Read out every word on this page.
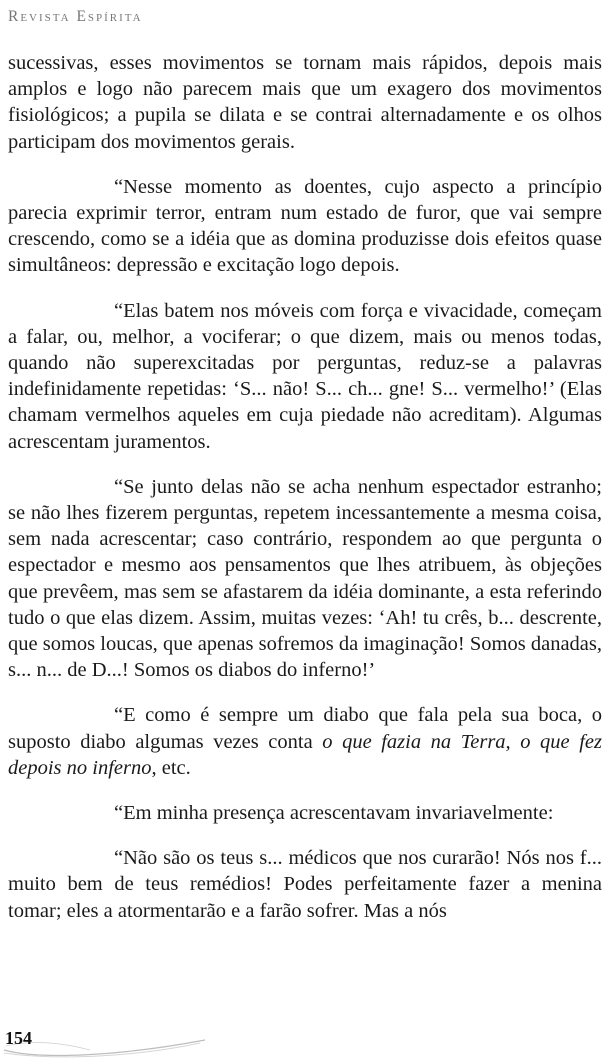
Revista Espírita

sucessivas, esses movimentos se tornam mais rápidos, depois mais amplos e logo não parecem mais que um exagero dos movimentos fisiológicos; a pupila se dilata e se contrai alternadamente e os olhos participam dos movimentos gerais.

“Nesse momento as doentes, cujo aspecto a princípio parecia exprimir terror, entram num estado de furor, que vai sempre crescendo, como se a idéia que as domina produzisse dois efeitos quase simultâneos: depressão e excitação logo depois.

“Elas batem nos móveis com força e vivacidade, começam a falar, ou, melhor, a vociferar; o que dizem, mais ou menos todas, quando não superexcitadas por perguntas, reduz-se a palavras indefinidamente repetidas: ‘S... não! S... ch... gne! S... vermelho!’ (Elas chamam vermelhos aqueles em cuja piedade não acreditam). Algumas acrescentam juramentos.

“Se junto delas não se acha nenhum espectador estranho; se não lhes fizerem perguntas, repetem incessantemente a mesma coisa, sem nada acrescentar; caso contrário, respondem ao que pergunta o espectador e mesmo aos pensamentos que lhes atribuem, às objeções que prevêem, mas sem se afastarem da idéia dominante, a esta referindo tudo o que elas dizem. Assim, muitas vezes: ‘Ah! tu crês, b... descrente, que somos loucas, que apenas sofremos da imaginação! Somos danadas, s... n... de D...! Somos os diabos do inferno!’

“E como é sempre um diabo que fala pela sua boca, o suposto diabo algumas vezes conta o que fazia na Terra, o que fez depois no inferno, etc.

“Em minha presença acrescentavam invariavelmente:

“Não são os teus s... médicos que nos curarão! Nós nos f... muito bem de teus remédios! Podes perfeitamente fazer a menina tomar; eles a atormentarão e a farão sofrer. Mas a nós

154
